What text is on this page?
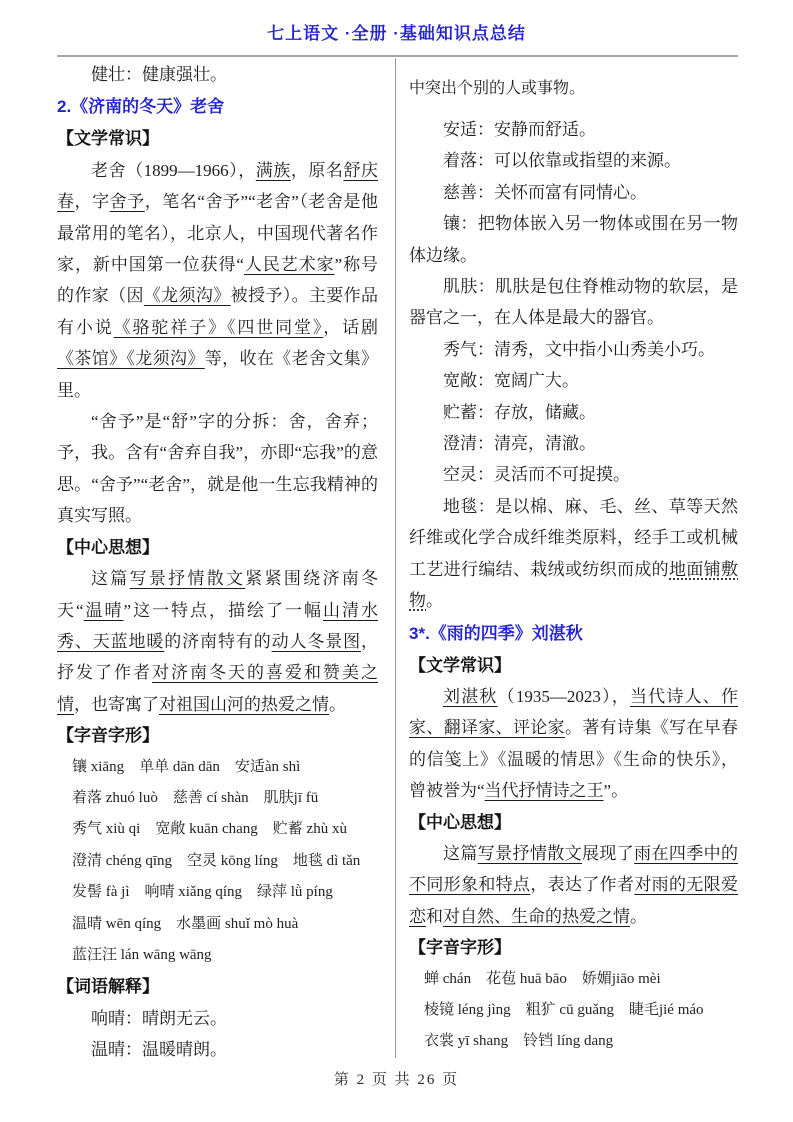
七上语文 ·全册 ·基础知识点总结

健壮：健康强壮。

2.《济南的冬天》老舍

【文学常识】

老舍（1899—1966），满族，原名舒庆春，字舍予，笔名“舍予”“老舍”（老舍是他最常用的笔名），北京人，中国现代著名作家，新中国第一位获得“人民艺术家”称号的作家（因《龙须沟》被授予）。主要作品有小说《骆驼祥子》《四世同堂》，话剧《茶馆》《龙须沟》等，收在《老舍文集》里。

“舍予”是“舒”字的分拆：舍，舍弃；予，我。含有“舍弃自我”，亦即“忘我”的意思。“舍予”“老舍”，就是他一生忘我精神的真实写照。

【中心思想】

这篇写景抒情散文紧紧围绕济南冬天“温晴”这一特点，描绘了一幅山清水秀、天蓝地暖的济南特有的动人冬景图，抒发了作者对济南冬天的喜爱和赞美之情，也寄寓了对祖国山河的热爱之情。

【字音字形】

镶 xiāng　单单 dān dān　安适àn shì

着落 zhuó luò　慈善 cí shàn　肌肤jī fū

秀气 xiù qi　宽敞 kuān chang　贮蓄 zhù xù

澄清 chéng qīng　空灵 kōng líng　地毯 dì tǎn

发髻 fà jì　响晴 xiǎng qíng　绿萍 lǜ píng

温晴 wēn qíng　水墨画 shuǐ mò huà

蓝汪汪 lán wāng wāng

【词语解释】

响晴：晴朗无云。

温晴：温暖晴朗。

中突出个别的人或事物。

安适：安静而舒适。

着落：可以依靠或指望的来源。

慈善：关怀而富有同情心。

镶：把物体嵌入另一物体或围在另一物体边缘。

肌肤：肌肤是包住脊椎动物的软层，是器官之一，在人体是最大的器官。

秀气：清秀，文中指小山秀美小巧。

宽敞：宽阔广大。

贮蓄：存放，储藏。

澄清：清亮，清澈。

空灵：灵活而不可捉摸。

地毯：是以棉、麻、毛、丝、草等天然纤维或化学合成纤维类原料，经手工或机械工艺进行编结、栽绒或纺织而成的地面铺敷物。

3*.《雨的四季》刘湛秋

【文学常识】

刘湛秋（1935—2023），当代诗人、作家、翻译家、评论家。著有诗集《写在早春的信笺上》《温暖的情思》《生命的快乐》，曾被誉为“当代抒情诗之王”。

【中心思想】

这篇写景抒情散文展现了雨在四季中的不同形象和特点，表达了作者对雨的无限爱恋和对自然、生命的热爱之情。

【字音字形】

蝉 chán　花苞 huā bāo　娇媚jiāo mèi

棱镜 léng jìng　粗犷 cū guǎng　睫毛jié máo

衣裳 yī shang　铃铛 líng dang

第 2 页 共 26 页
